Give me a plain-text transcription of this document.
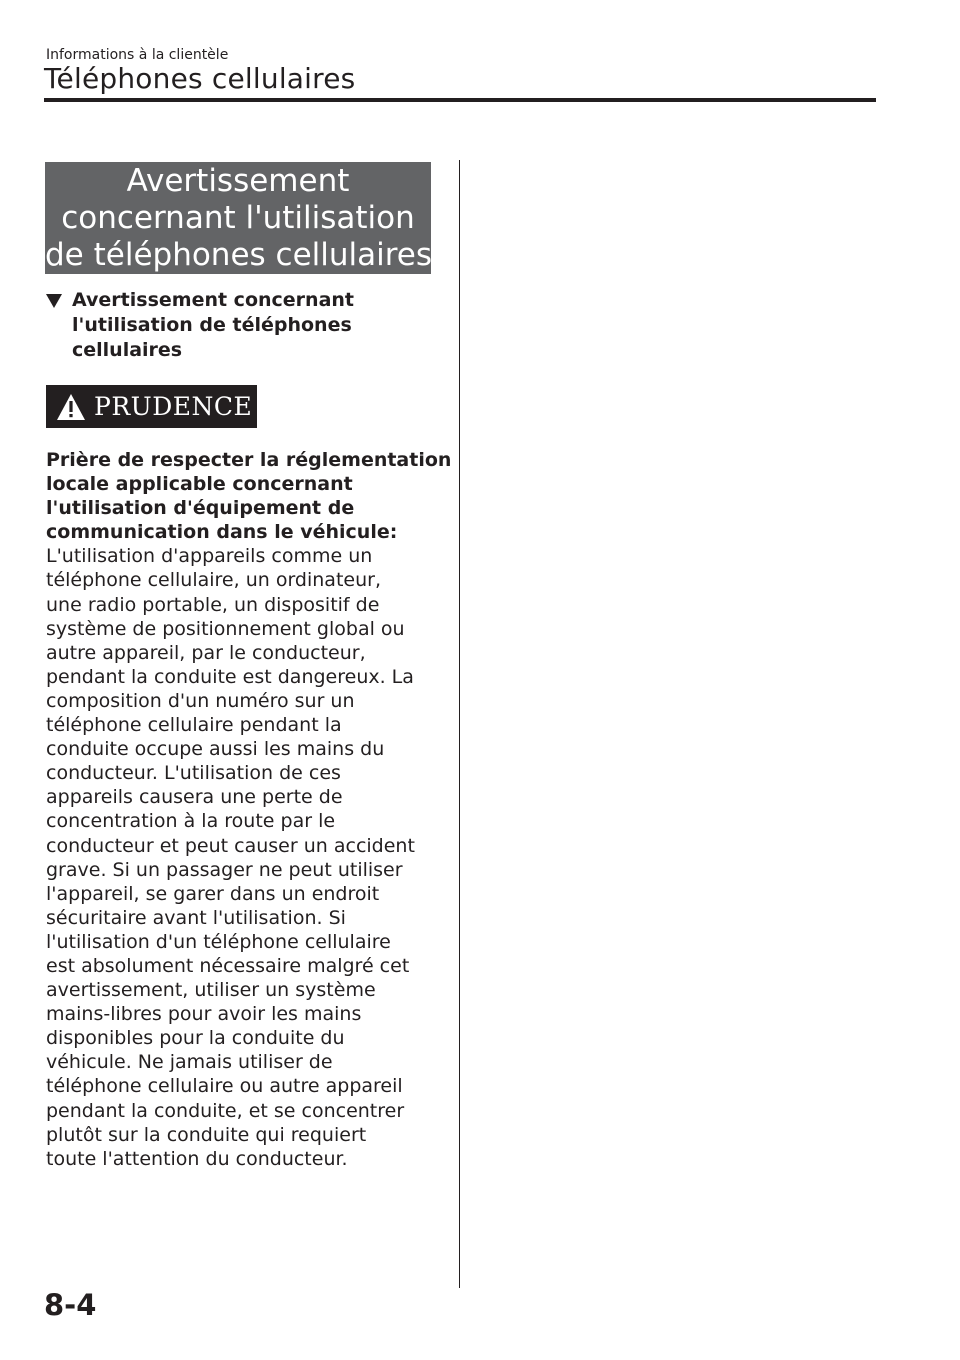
Informations à la clientèle
Téléphones cellulaires
Avertissement
concernant l'utilisation
de téléphones cellulaires
Avertissement concernant
l'utilisation de téléphones
cellulaires
PRUDENCE
Prière de respecter la réglementation
locale applicable concernant
l'utilisation d'équipement de
communication dans le véhicule:
L'utilisation d'appareils comme un
téléphone cellulaire, un ordinateur,
une radio portable, un dispositif de
système de positionnement global ou
autre appareil, par le conducteur,
pendant la conduite est dangereux. La
composition d'un numéro sur un
téléphone cellulaire pendant la
conduite occupe aussi les mains du
conducteur. L'utilisation de ces
appareils causera une perte de
concentration à la route par le
conducteur et peut causer un accident
grave. Si un passager ne peut utiliser
l'appareil, se garer dans un endroit
sécuritaire avant l'utilisation. Si
l'utilisation d'un téléphone cellulaire
est absolument nécessaire malgré cet
avertissement, utiliser un système
mains-libres pour avoir les mains
disponibles pour la conduite du
véhicule. Ne jamais utiliser de
téléphone cellulaire ou autre appareil
pendant la conduite, et se concentrer
plutôt sur la conduite qui requiert
toute l'attention du conducteur.
8-4
